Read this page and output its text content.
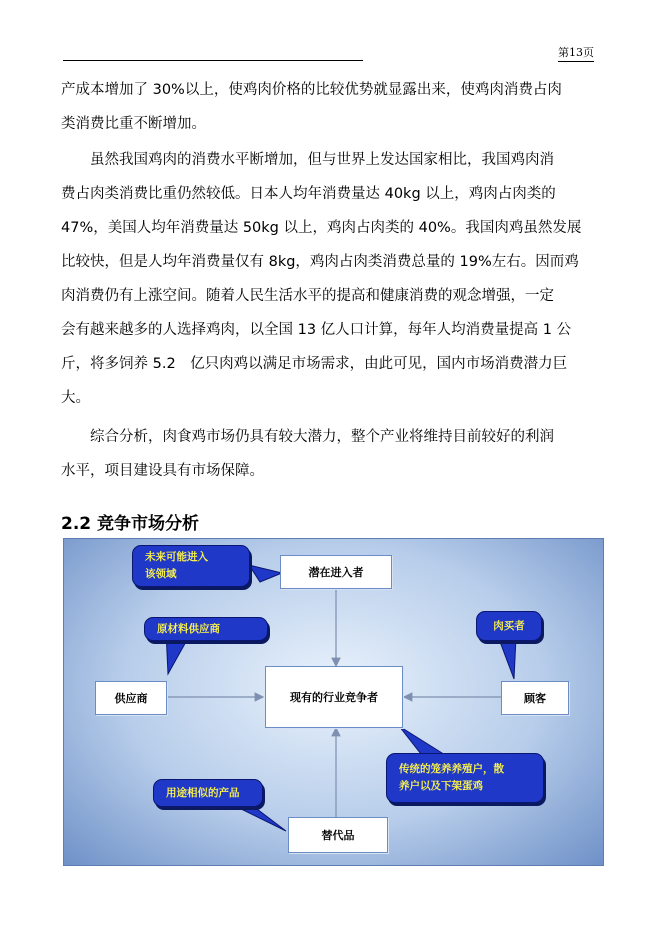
第13页
产成本增加了 30%以上，使鸡肉价格的比较优势就显露出来，使鸡肉消费占肉
类消费比重不断增加。
　　虽然我国鸡肉的消费水平断增加，但与世界上发达国家相比，我国鸡肉消
费占肉类消费比重仍然较低。日本人均年消费量达 40kg 以上，鸡肉占肉类的
47%，美国人均年消费量达 50kg 以上，鸡肉占肉类的 40%。我国肉鸡虽然发展
比较快，但是人均年消费量仅有 8kg，鸡肉占肉类消费总量的 19%左右。因而鸡
肉消费仍有上涨空间。随着人民生活水平的提高和健康消费的观念增强，一定
会有越来越多的人选择鸡肉，以全国 13 亿人口计算，每年人均消费量提高 1 公
斤，将多饲养 5.2　亿只肉鸡以满足市场需求，由此可见，国内市场消费潜力巨
大。
　　综合分析，肉食鸡市场仍具有较大潜力，整个产业将维持目前较好的利润
水平，项目建设具有市场保障。
2.2 竞争市场分析
潜在进入者
供应商	现有的行业竞争者	顾客
替代品
未来可能进入
该领域
原材料供应商	肉买者
用途相似的产品
传统的笼养养殖户，散
养户以及下架蛋鸡
